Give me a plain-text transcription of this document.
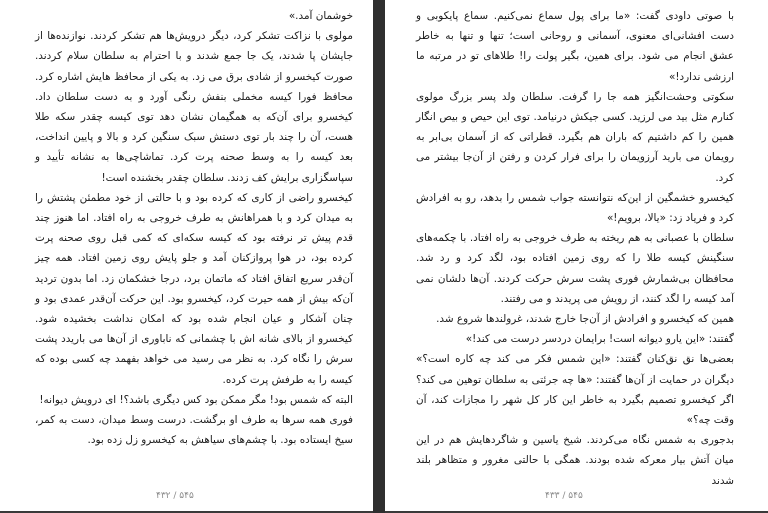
خوشمان آمد.»

مولوی با نزاکت تشکر کرد، دیگر درویش‌ها هم تشکر کردند. نوازنده‌ها از جایشان پا شدند، یک جا جمع شدند و با احترام به سلطان سلام کردند. صورت کیخسرو از شادی برق می زد. به یکی از محافظ هایش اشاره کرد. محافظ فورا کیسه مخملی بنفش رنگی آورد و به دست سلطان داد. کیخسرو برای آن‌که به همگیمان نشان دهد توی کیسه چقدر سکه طلا هست، آن را چند بار توی دستش سبک سنگین کرد و بالا و پایین انداخت، بعد کیسه را به وسط صحنه پرت کرد. تماشاچی‌ها به نشانه تأیید و سپاسگزاری برایش کف زدند. سلطان چقدر بخشنده است!

کیخسرو راضی از کاری که کرده بود و با حالتی از خود مطمئن پشتش را به میدان کرد و با همراهانش به طرف خروجی به راه افتاد. اما هنوز چند قدم پیش تر نرفته بود که کیسه سکه‌ای که کمی قبل روی صحنه پرت کرده بود، در هوا پروازکنان آمد و جلو پایش روی زمین افتاد. همه چیز آن‌قدر سریع اتفاق افتاد که ماتمان برد، درجا خشکمان زد. اما بدون تردید آن‌که بیش از همه حیرت کرد، کیخسرو بود. این حرکت آن‌قدر عمدی بود و چنان آشکار و عیان انجام شده بود که امکان نداشت بخشیده شود. کیخسرو از بالای شانه اش با چشمانی که ناباوری از آن‌ها می باریدد پشت سرش را نگاه کرد. به نظر می رسید می خواهد بفهمد چه کسی بوده که کیسه را به طرفش پرت کرده.

البته که شمس بود! مگر ممکن بود کس دیگری باشد؟! ای درویش دیوانه!

فوری همه سرها به طرف او برگشت. درست وسط میدان، دست به کمر، سیخ ایستاده بود. با چشم‌های سیاهش به کیخسرو زل زده بود.

۵۴۵ / ۴۳۲

با صوتی داودی گفت: «ما برای پول سماع نمی‌کنیم. سماع پایکوبی و دست افشانی‌ای معنوی، آسمانی و روحانی است؛ تنها و تنها به خاطر عشق انجام می شود. برای همین، بگیر پولت را! طلاهای تو در مرتبه ما ارزشی ندارد!»

سکوتی وحشت‌انگیز همه جا را گرفت. سلطان ولد پسر بزرگ مولوی کنارم مثل بید می لرزید. کسی جیکش درنیامد. توی این حیص و بیص انگار همین را کم داشتیم که باران هم بگیرد. قطراتی که از آسمان بی‌ابر به رویمان می بارید آرزویمان را برای فرار کردن و رفتن از آن‌جا بیشتر می کرد.

کیخسرو خشمگین از این‌که نتوانسته جواب شمس را بدهد، رو به افرادش کرد و فریاد زد: «یالا، برویم!»

سلطان با عصبانی به هم ریخته به طرف خروجی به راه افتاد. با چکمه‌های سنگینش کیسه طلا را که روی زمین افتاده بود، لگد کرد و رد شد. محافظان بی‌شمارش فوری پشت سرش حرکت کردند. آن‌ها دلشان نمی آمد کیسه را لگد کنند، از رویش می پریدند و می رفتند.

همین که کیخسرو و افرادش از آن‌جا خارج شدند، غرولندها شروع شد.

گفتند: «این یارو دیوانه است! برایمان دردسر درست می کند!»

بعضی‌ها نق نق‌کنان گفتند: «این شمس فکر می کند چه کاره است؟» دیگران در حمایت از آن‌ها گفتند: «ها چه جرئتی به سلطان توهین می کند؟ اگر کیخسرو تصمیم بگیرد به خاطر این کار کل شهر را مجازات کند، آن وقت چه؟»

بدجوری به شمس نگاه می‌کردند. شیخ یاسین و شاگردهایش هم در این میان آتش بیار معرکه شده بودند. همگی با حالتی مغرور و متظاهر بلند شدند

۵۴۵ / ۴۳۳
